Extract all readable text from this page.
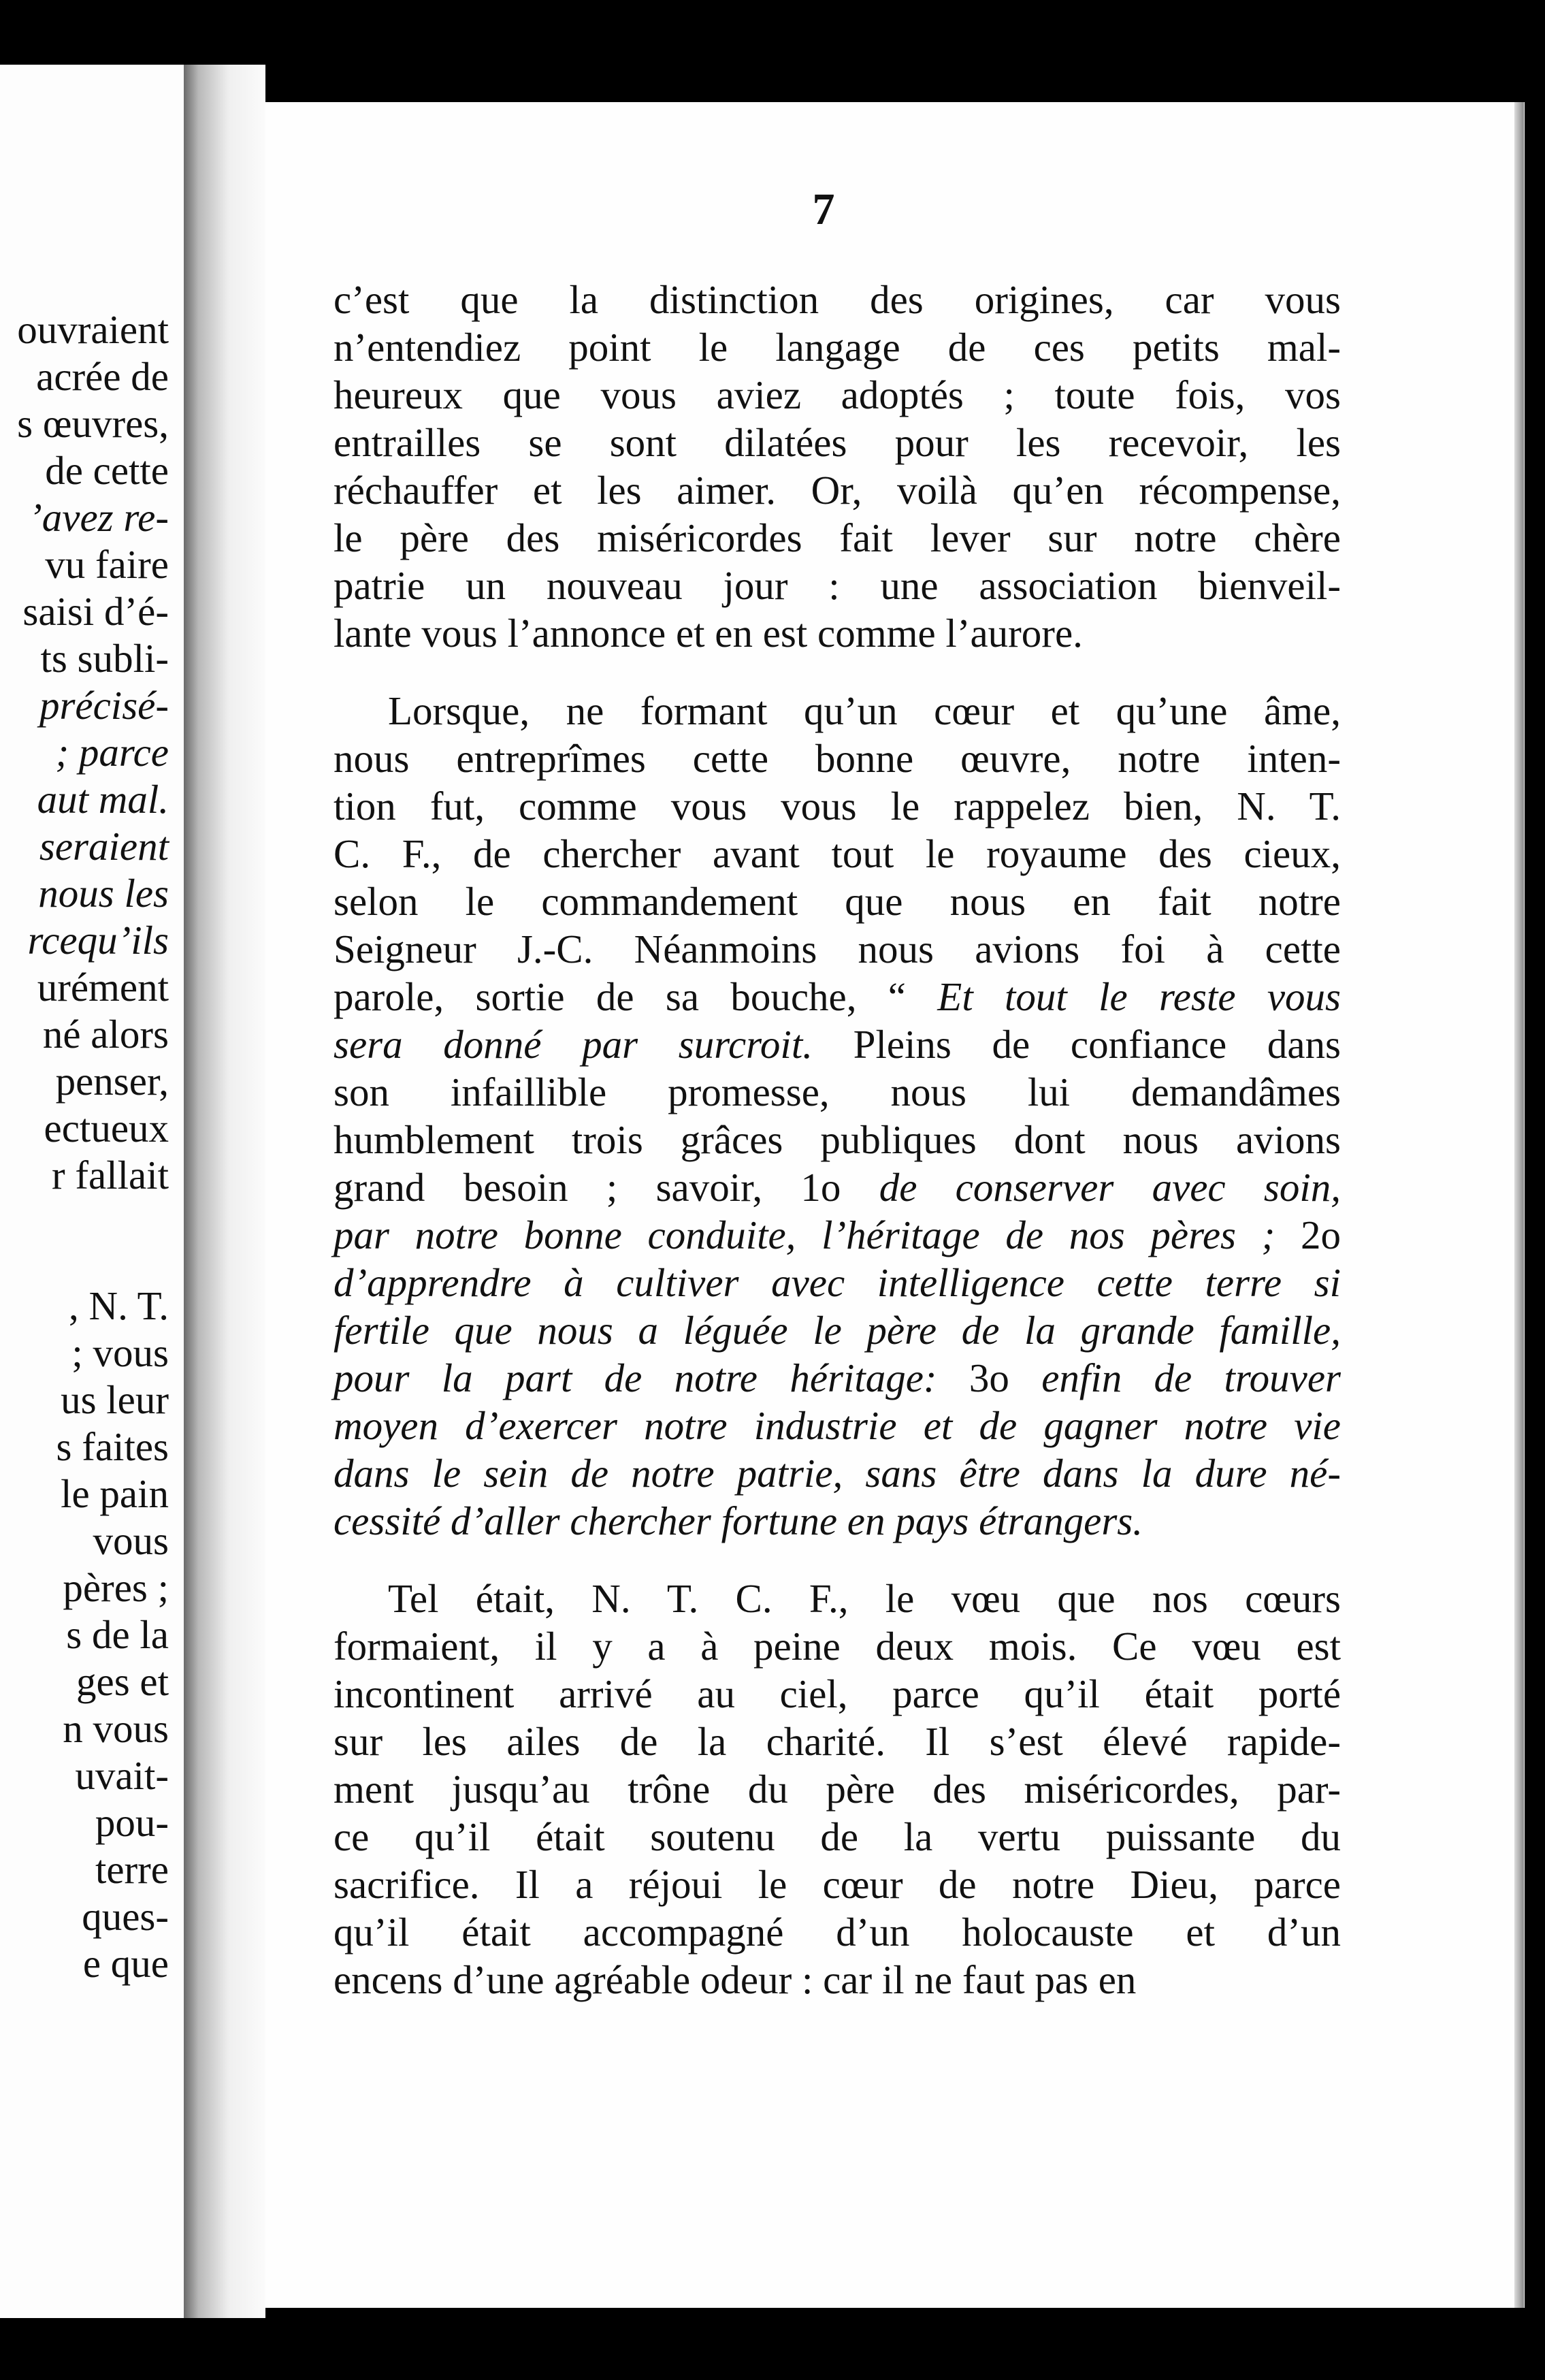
ouvraient
acrée de
s œuvres,
de cette
’avez re-
vu faire
saisi d’é-
ts subli-
précisé-
; parce
aut mal.
seraient
nous les
rcequ’ils
urément
né alors
penser,
ectueux
r fallait
, N. T.
; vous
us leur
s faites
le pain
vous
pères ;
s de la
ges et
n vous
uvait-
pou-
terre
ques-
e que
7
c’est que la distinction des origines, car vous
n’entendiez point le langage de ces petits mal-
heureux que vous aviez adoptés ; toute fois, vos
entrailles se sont dilatées pour les recevoir, les
réchauffer et les aimer. Or, voilà qu’en récompense,
le père des miséricordes fait lever sur notre chère
patrie un nouveau jour : une association bienveil-
lante vous l’annonce et en est comme l’aurore.
Lorsque, ne formant qu’un cœur et qu’une âme,
nous entreprîmes cette bonne œuvre, notre inten-
tion fut, comme vous vous le rappelez bien, N. T.
C. F., de chercher avant tout le royaume des cieux,
selon le commandement que nous en fait notre
Seigneur J.-C. Néanmoins nous avions foi à cette
parole, sortie de sa bouche, “ Et tout le reste vous
sera donné par surcroit. Pleins de confiance dans
son infaillible promesse, nous lui demandâmes
humblement trois grâces publiques dont nous avions
grand besoin ; savoir, 1o de conserver avec soin,
par notre bonne conduite, l’héritage de nos pères ; 2o
d’apprendre à cultiver avec intelligence cette terre si
fertile que nous a léguée le père de la grande famille,
pour la part de notre héritage: 3o enfin de trouver
moyen d’exercer notre industrie et de gagner notre vie
dans le sein de notre patrie, sans être dans la dure né-
cessité d’aller chercher fortune en pays étrangers.
Tel était, N. T. C. F., le vœu que nos cœurs
formaient, il y a à peine deux mois. Ce vœu est
incontinent arrivé au ciel, parce qu’il était porté
sur les ailes de la charité. Il s’est élevé rapide-
ment jusqu’au trône du père des miséricordes, par-
ce qu’il était soutenu de la vertu puissante du
sacrifice. Il a réjoui le cœur de notre Dieu, parce
qu’il était accompagné d’un holocauste et d’un
encens d’une agréable odeur : car il ne faut pas en
